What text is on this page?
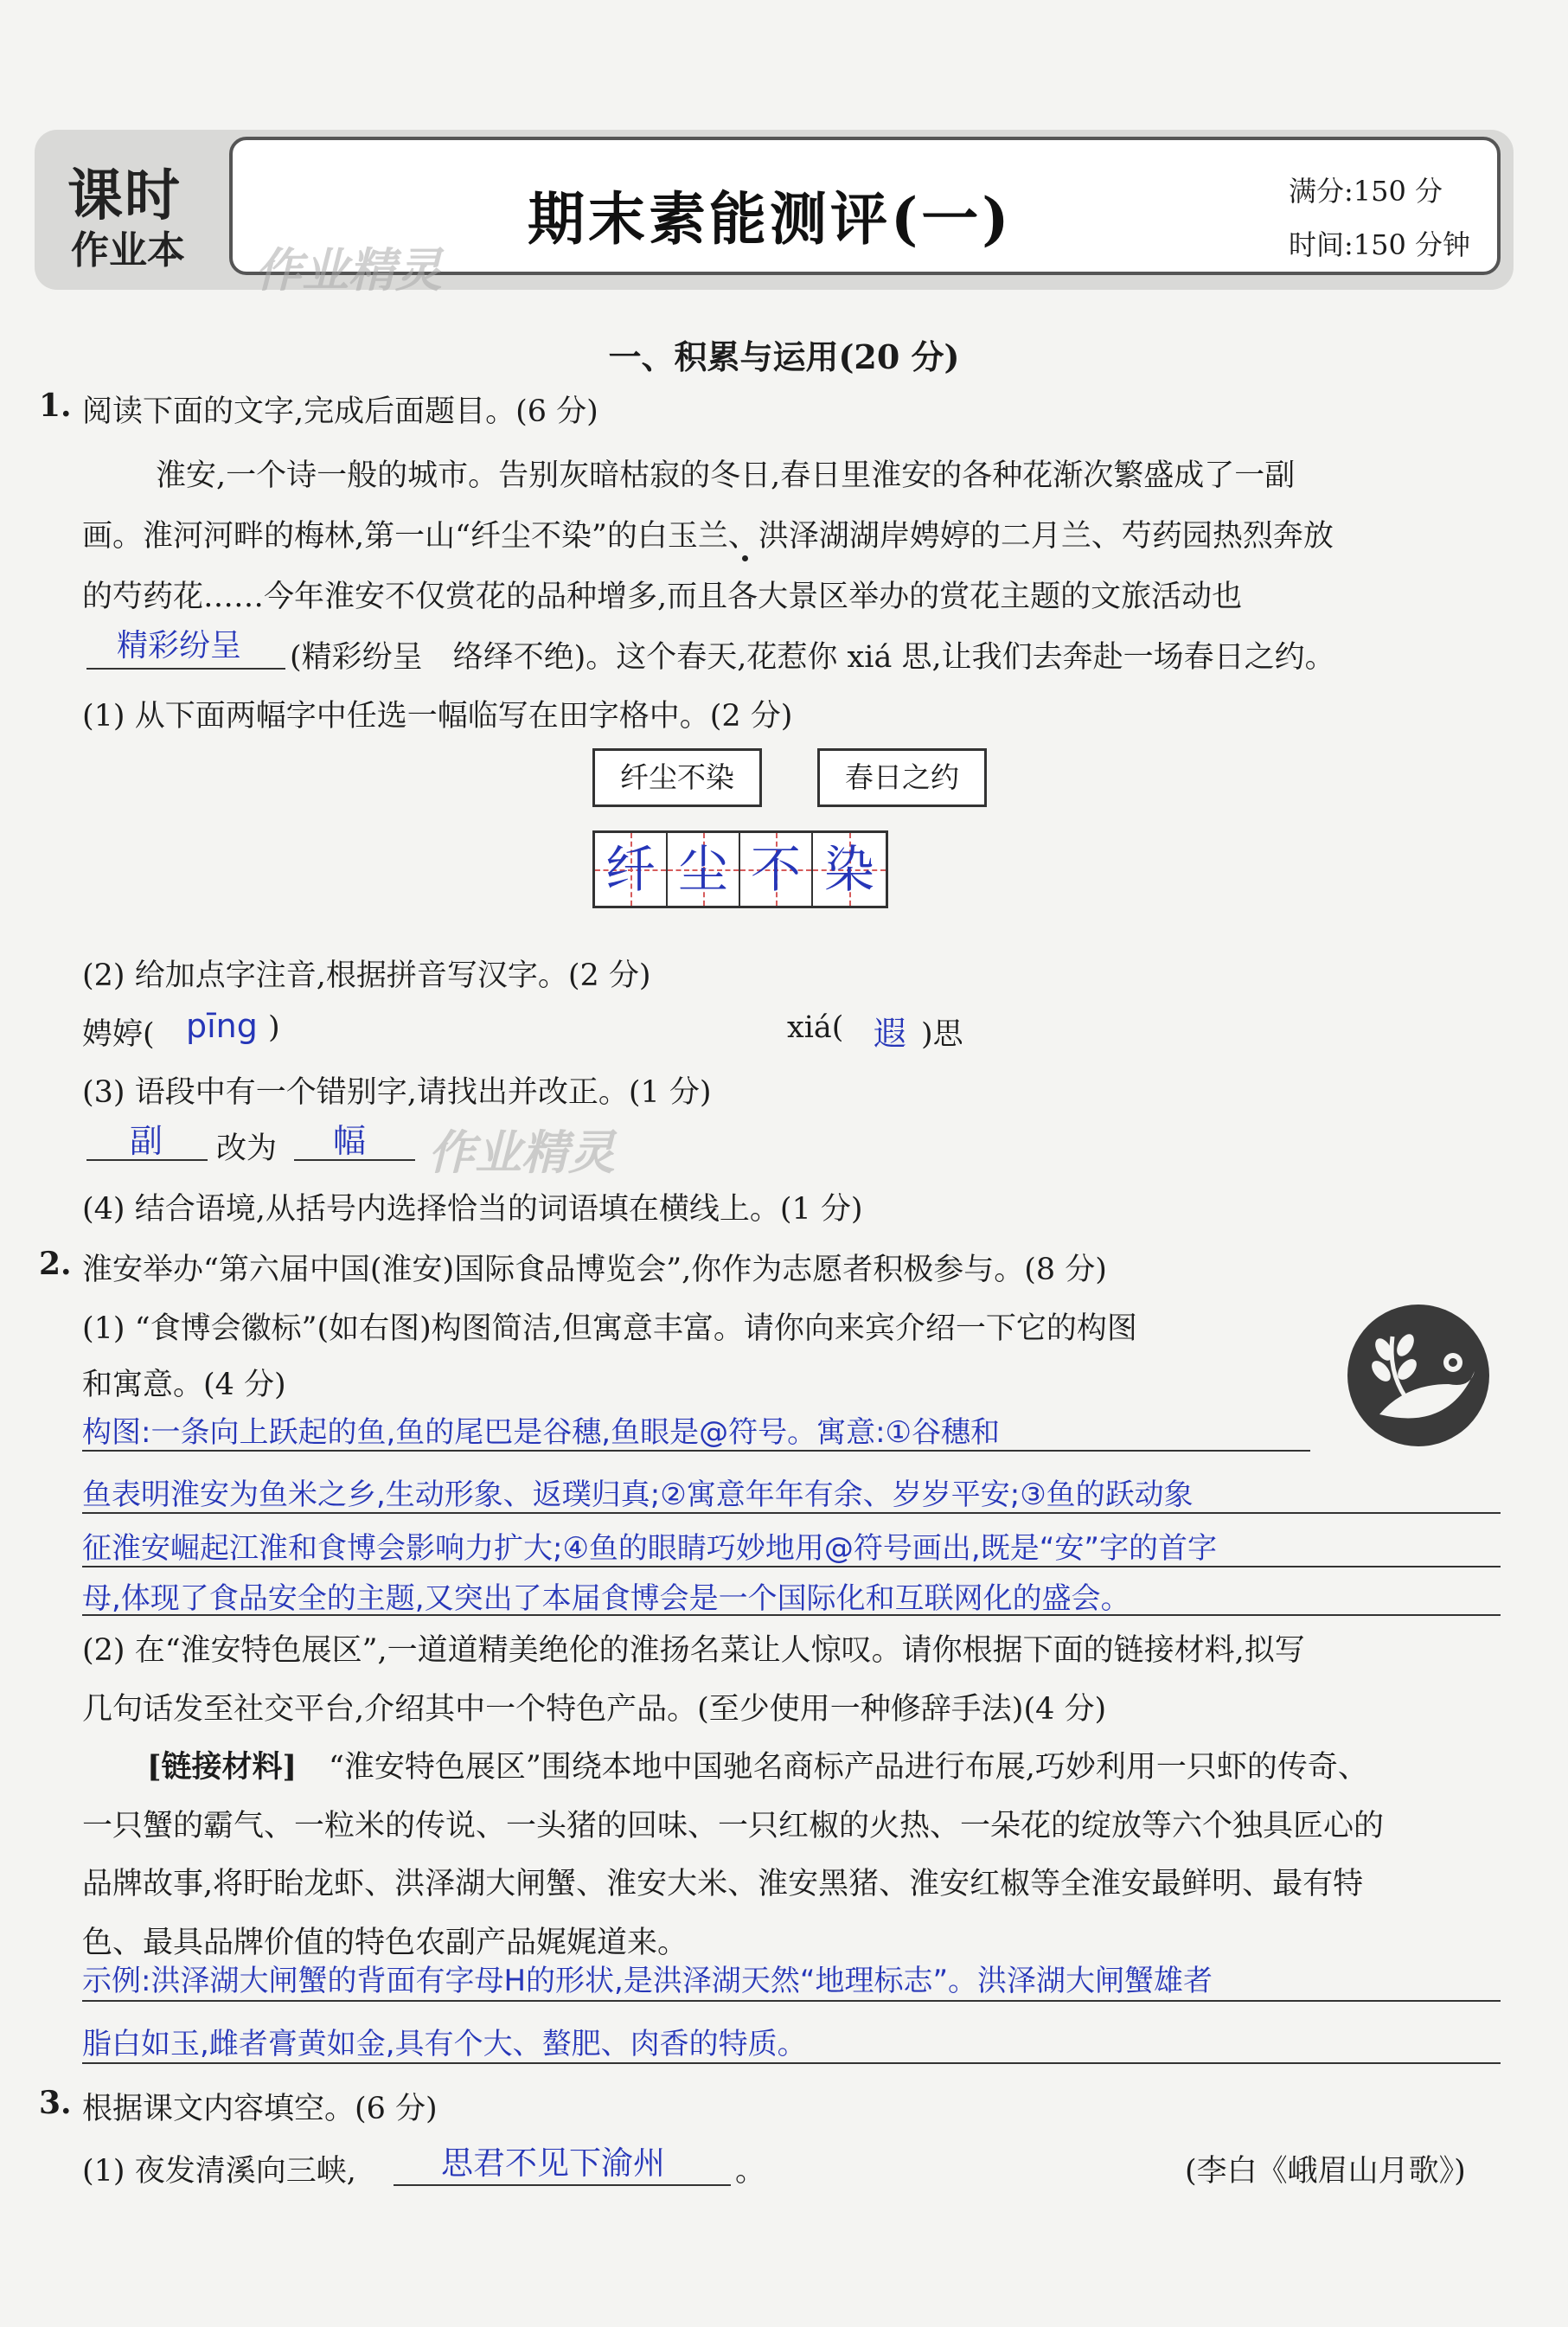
课时
作业本	期末素能测评(一)	满分:150 分
时间:150 分钟
作业精灵
一、积累与运用(20 分)
1. 阅读下面的文字,完成后面题目。(6 分)
淮安,一个诗一般的城市。告别灰暗枯寂的冬日,春日里淮安的各种花渐次繁盛成了一副
画。淮河河畔的梅林,第一山“纤尘不染”的白玉兰、洪泽湖湖岸娉婷的二月兰、芍药园热烈奔放
的芍药花……今年淮安不仅赏花的品种增多,而且各大景区举办的赏花主题的文旅活动也
精彩纷呈 (精彩纷呈　络绎不绝)。这个春天,花惹你 xiá 思,让我们去奔赴一场春日之约。
(1) 从下面两幅字中任选一幅临写在田字格中。(2 分)
纤尘不染	春日之约
纤 尘 不 染
(2) 给加点字注音,根据拼音写汉字。(2 分)
娉婷( pīng )	xiá( 遐 )思
(3) 语段中有一个错别字,请找出并改正。(1 分)
副 改为 幅 作业精灵
(4) 结合语境,从括号内选择恰当的词语填在横线上。(1 分)
2. 淮安举办“第六届中国(淮安)国际食品博览会”,你作为志愿者积极参与。(8 分)
(1) “食博会徽标”(如右图)构图简洁,但寓意丰富。请你向来宾介绍一下它的构图
和寓意。(4 分)
构图:一条向上跃起的鱼,鱼的尾巴是谷穗,鱼眼是@符号。寓意:①谷穗和
鱼表明淮安为鱼米之乡,生动形象、返璞归真;②寓意年年有余、岁岁平安;③鱼的跃动象
征淮安崛起江淮和食博会影响力扩大;④鱼的眼睛巧妙地用@符号画出,既是“安”字的首字
母,体现了食品安全的主题,又突出了本届食博会是一个国际化和互联网化的盛会。
(2) 在“淮安特色展区”,一道道精美绝伦的淮扬名菜让人惊叹。请你根据下面的链接材料,拟写
几句话发至社交平台,介绍其中一个特色产品。(至少使用一种修辞手法)(4 分)
[链接材料] “淮安特色展区”围绕本地中国驰名商标产品进行布展,巧妙利用一只虾的传奇、
一只蟹的霸气、一粒米的传说、一头猪的回味、一只红椒的火热、一朵花的绽放等六个独具匠心的
品牌故事,将盱眙龙虾、洪泽湖大闸蟹、淮安大米、淮安黑猪、淮安红椒等全淮安最鲜明、最有特
色、最具品牌价值的特色农副产品娓娓道来。
示例:洪泽湖大闸蟹的背面有字母H的形状,是洪泽湖天然“地理标志”。洪泽湖大闸蟹雄者
脂白如玉,雌者膏黄如金,具有个大、螯肥、肉香的特质。
3. 根据课文内容填空。(6 分)
(1) 夜发清溪向三峡,	思君不见下渝州 。	(李白《峨眉山月歌》)
